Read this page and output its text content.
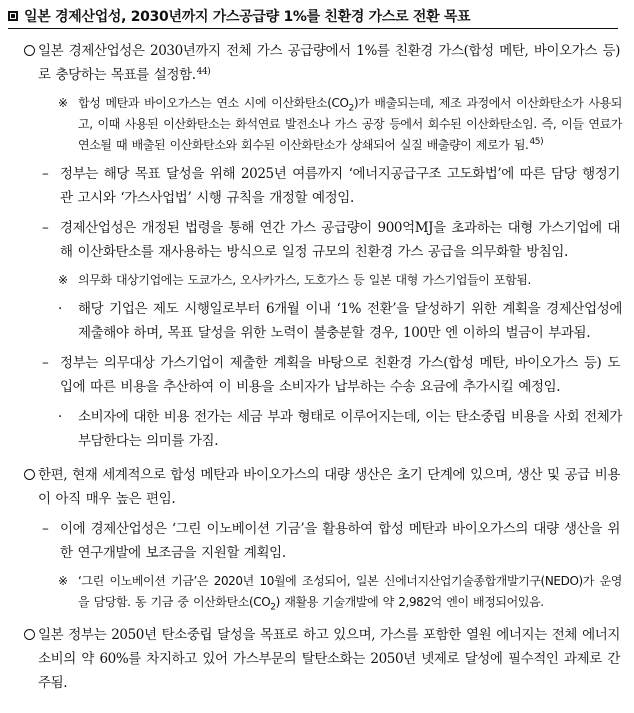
일본 경제산업성, 2030년까지 가스공급량 1%를 친환경 가스로 전환 목표
일본 경제산업성은 2030년까지 전체 가스 공급량에서 1%를 친환경 가스(합성 메탄, 바이오가스 등)로 충당하는 목표를 설정함.$^{44)}$
※ 합성 메탄과 바이오가스는 연소 시에 이산화탄소$(CO_2)$가 배출되는데, 제조 과정에서 이산화탄소가 사용되고, 이때 사용된 이산화탄소는 화석연료 발전소나 가스 공장 등에서 회수된 이산화탄소임. 즉, 이들 연료가 연소될 때 배출된 이산화탄소와 회수된 이산화탄소가 상쇄되어 실질 배출량이 제로가 됨.$^{45)}$
– 정부는 해당 목표 달성을 위해 2025년 여름까지 ‘에너지공급구조 고도화법’에 따른 담당 행정기관 고시와 ‘가스사업법’ 시행 규칙을 개정할 예정임.
– 경제산업성은 개정된 법령을 통해 연간 가스 공급량이 900억MJ을 초과하는 대형 가스기업에 대해 이산화탄소를 재사용하는 방식으로 일정 규모의 친환경 가스 공급을 의무화할 방침임.
※ 의무화 대상기업에는 도쿄가스, 오사카가스, 도호가스 등 일본 대형 가스기업들이 포함됨.
· 해당 기업은 제도 시행일로부터 6개월 이내 ‘1% 전환’을 달성하기 위한 계획을 경제산업성에 제출해야 하며, 목표 달성을 위한 노력이 불충분할 경우, 100만 엔 이하의 벌금이 부과됨.
– 정부는 의무대상 가스기업이 제출한 계획을 바탕으로 친환경 가스(합성 메탄, 바이오가스 등) 도입에 따른 비용을 추산하여 이 비용을 소비자가 납부하는 수송 요금에 추가시킬 예정임.
· 소비자에 대한 비용 전가는 세금 부과 형태로 이루어지는데, 이는 탄소중립 비용을 사회 전체가 부담한다는 의미를 가짐.
한편, 현재 세계적으로 합성 메탄과 바이오가스의 대량 생산은 초기 단계에 있으며, 생산 및 공급 비용이 아직 매우 높은 편임.
– 이에 경제산업성은 ‘그린 이노베이션 기금’을 활용하여 합성 메탄과 바이오가스의 대량 생산을 위한 연구개발에 보조금을 지원할 계획임.
※ ‘그린 이노베이션 기금’은 2020년 10월에 조성되어, 일본 신에너지산업기술종합개발기구(NEDO)가 운영을 담당함. 동 기금 중 이산화탄소$(CO_2)$ 재활용 기술개발에 약 2,982억 엔이 배정되어있음.
일본 정부는 2050년 탄소중립 달성을 목표로 하고 있으며, 가스를 포함한 열원 에너지는 전체 에너지 소비의 약 60%를 차지하고 있어 가스부문의 탈탄소화는 2050년 넷제로 달성에 필수적인 과제로 간주됨.
